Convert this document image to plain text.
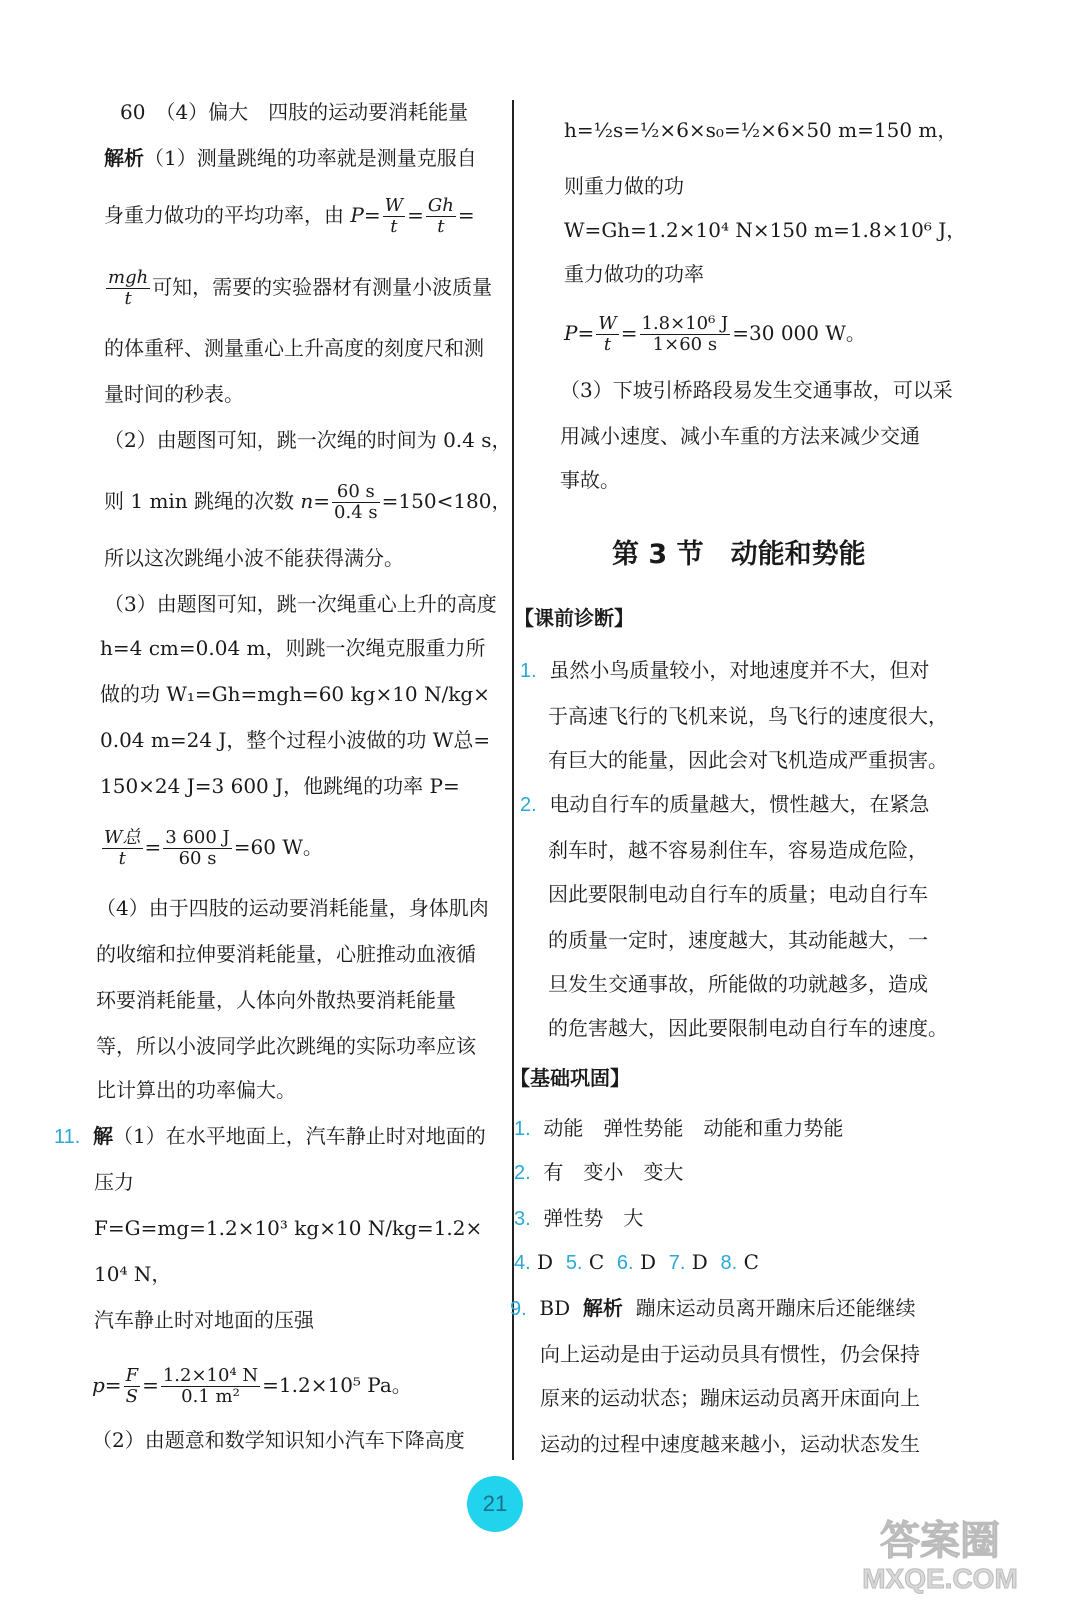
60　（4）偏大　四肢的运动要消耗能量
解析（1）测量跳绳的功率就是测量克服自
身重力做功的平均功率，由 $P= \frac{W}{t} = \frac{Gh}{t}$ =
$\frac{\text{mgh}}{t}$ 可知，需要的实验器材有测量小波质量
的体重秤、测量重心上升高度的刻度尺和测
量时间的秒表。
（2）由题图可知，跳一次绳的时间为 0.4 s，
则 1 min 跳绳的次数 $n= \frac{60 s}{0.4 s} =150<180$，
所以这次跳绳小波不能获得满分。
（3）由题图可知，跳一次绳重心上升的高度
h=4 cm=0.04 m，则跳一次绳克服重力所
做的功 W₁=Gh=mgh=60 kg×10 N/kg×
0.04 m=24 J，整个过程小波做的功 W总=
150×24 J=3 600 J，他跳绳的功率 P=
$\frac{\text{W总}}{t} = \frac{3 600 J}{60 s} =60$ W。
（4）由于四肢的运动要消耗能量，身体肌肉
的收缩和拉伸要消耗能量，心脏推动血液循
环要消耗能量，人体向外散热要消耗能量
等，所以小波同学此次跳绳的实际功率应该
比计算出的功率偏大。
11. 解（1）在水平地面上，汽车静止时对地面的
压力
F=G=mg=1.2×10³ kg×10 N/kg=1.2×
10⁴ N，
汽车静止时对地面的压强
$p= \frac{F}{S} = \frac{\text{1.2×10⁴ N}}{\text{0.1 m²}} =1.2\times 10^5$ Pa。
（2）由题意和数学知识知小汽车下降高度
h=½s=½×6×s₀=½×6×50 m=150 m，
则重力做的功
W=Gh=1.2×10⁴ N×150 m=1.8×10⁶ J，
重力做功的功率
$P= \frac{W}{t} = \frac{\text{1.8×10⁶ J}}{1\times 60 s} =30$ 000 W。
（3）下坡引桥路段易发生交通事故，可以采
用减小速度、减小车重的方法来减少交通
事故。
第 3 节　动能和势能
【课前诊断】
1. 虽然小鸟质量较小，对地速度并不大，但对
于高速飞行的飞机来说，鸟飞行的速度很大，
有巨大的能量，因此会对飞机造成严重损害。
2. 电动自行车的质量越大，惯性越大，在紧急
刹车时，越不容易刹住车，容易造成危险，
因此要限制电动自行车的质量；电动自行车
的质量一定时，速度越大，其动能越大，一
旦发生交通事故，所能做的功就越多，造成
的危害越大，因此要限制电动自行车的速度。
【基础巩固】
1. 动能　弹性势能　动能和重力势能
2. 有　变小　变大
3. 弹性势　大
4. D 5. C 6. D 7. D 8. C
9. BD 解析 蹦床运动员离开蹦床后还能继续
向上运动是由于运动员具有惯性，仍会保持
原来的运动状态；蹦床运动员离开床面向上
运动的过程中速度越来越小，运动状态发生
21
答案圈
MXQE.COM
